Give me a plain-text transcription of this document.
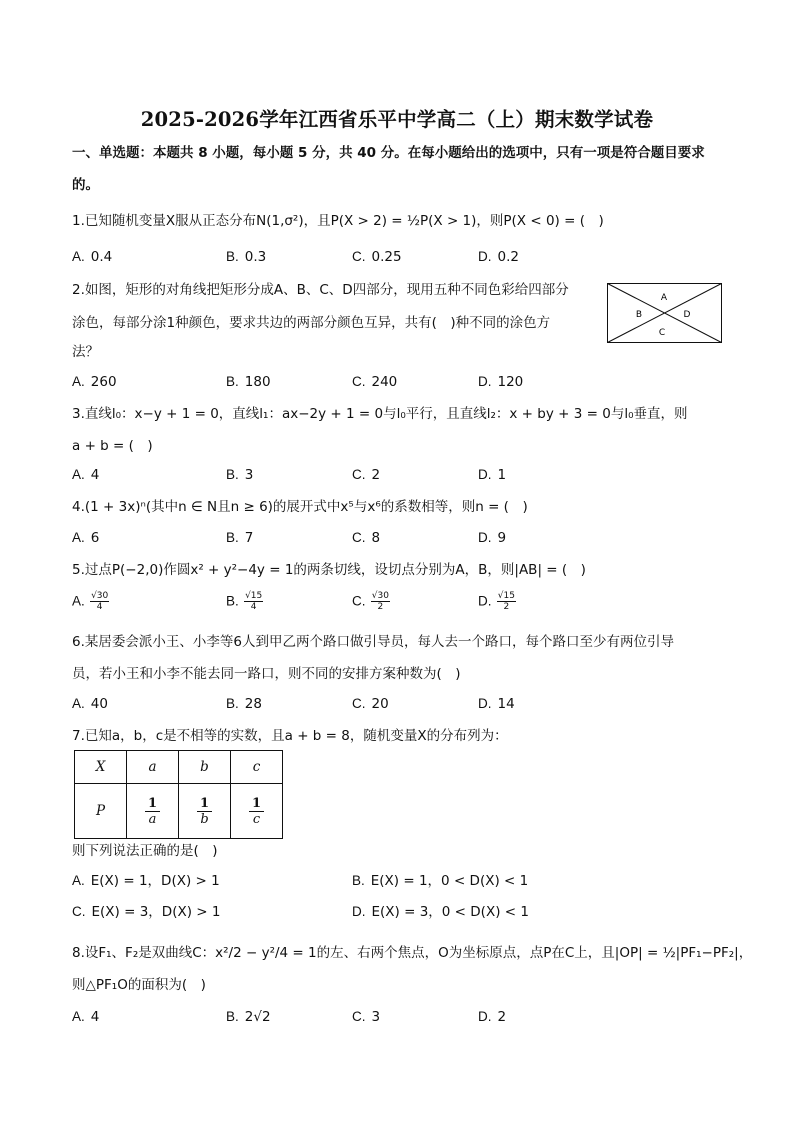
2025-2026学年江西省乐平中学高二（上）期末数学试卷
一、单选题：本题共 8 小题，每小题 5 分，共 40 分。在每小题给出的选项中，只有一项是符合题目要求
的。
1.已知随机变量X服从正态分布N(1,σ²)，且P(X > 2) = ½P(X > 1)，则P(X < 0) = (　)
A. 0.4	B. 0.3	C. 0.25	D. 0.2
2.如图，矩形的对角线把矩形分成A、B、C、D四部分，现用五种不同色彩给四部分
涂色，每部分涂1种颜色，要求共边的两部分颜色互异，共有(　)种不同的涂色方
法？
A
B	D
C
A. 260	B. 180	C. 240	D. 120
3.直线l₀：x−y + 1 = 0，直线l₁：ax−2y + 1 = 0与l₀平行，且直线l₂：x + by + 3 = 0与l₀垂直，则
a + b = (　)
A. 4	B. 3	C. 2	D. 1
4.(1 + 3x)ⁿ(其中n ∈ N且n ≥ 6)的展开式中x⁵与x⁶的系数相等，则n = (　)
A. 6	B. 7	C. 8	D. 9
5.过点P(−2,0)作圆x² + y²−4y = 1的两条切线，设切点分别为A，B，则|AB| = (　)
A. $\frac{√30}{4}$	B. $\frac{√15}{4}$	C. $\frac{√30}{2}$	D. $\frac{√15}{2}$
6.某居委会派小王、小李等6人到甲乙两个路口做引导员，每人去一个路口，每个路口至少有两位引导
员，若小王和小李不能去同一路口，则不同的安排方案种数为(　)
A. 40	B. 28	C. 20	D. 14
7.已知a，b，c是不相等的实数，且a + b = 8，随机变量X的分布列为：
X	a	b	c
P	$\frac{1}{a}$	$\frac{1}{b}$	$\frac{1}{c}$
则下列说法正确的是(　)
A. E(X) = 1，D(X) > 1	B. E(X) = 1，0 < D(X) < 1
C. E(X) = 3，D(X) > 1	D. E(X) = 3，0 < D(X) < 1
8.设F₁、F₂是双曲线C：x²/2 − y²/4 = 1的左、右两个焦点，O为坐标原点，点P在C上，且|OP| = ½|PF₁−PF₂|，
则△PF₁O的面积为(　)
A. 4	B. 2√2	C. 3	D. 2
